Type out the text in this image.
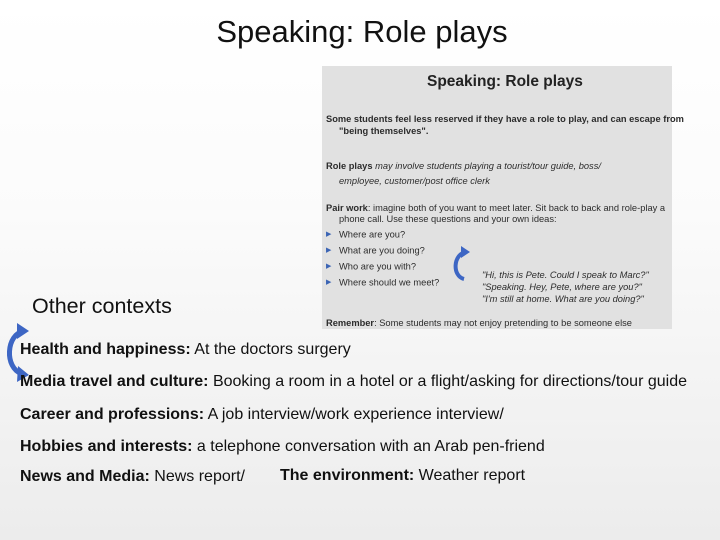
Speaking: Role plays
Speaking: Role plays
Some students feel less reserved if they have a role to play, and can escape from
"being themselves".
Role plays may involve students playing a tourist/tour guide, boss/
employee, customer/post office clerk
Pair work: imagine both of you want to meet later. Sit back to back and role-play a
phone call. Use these questions and your own ideas:
▶ Where are you?
▶ What are you doing?
▶ Who are you with?
▶ Where should we meet?
"Hi, this is Pete. Could I speak to Marc?"
"Speaking. Hey, Pete, where are you?"
"I'm still at home. What are you doing?"
Remember: Some students may not enjoy pretending to be someone else
Other contexts
Health and happiness: At the doctors surgery
Media travel and culture: Booking a room in a hotel or a flight/asking for directions/tour guide
Career and professions: A job interview/work experience interview/
Hobbies and interests: a telephone conversation with an Arab pen-friend
News and Media: News report/ The environment: Weather report
